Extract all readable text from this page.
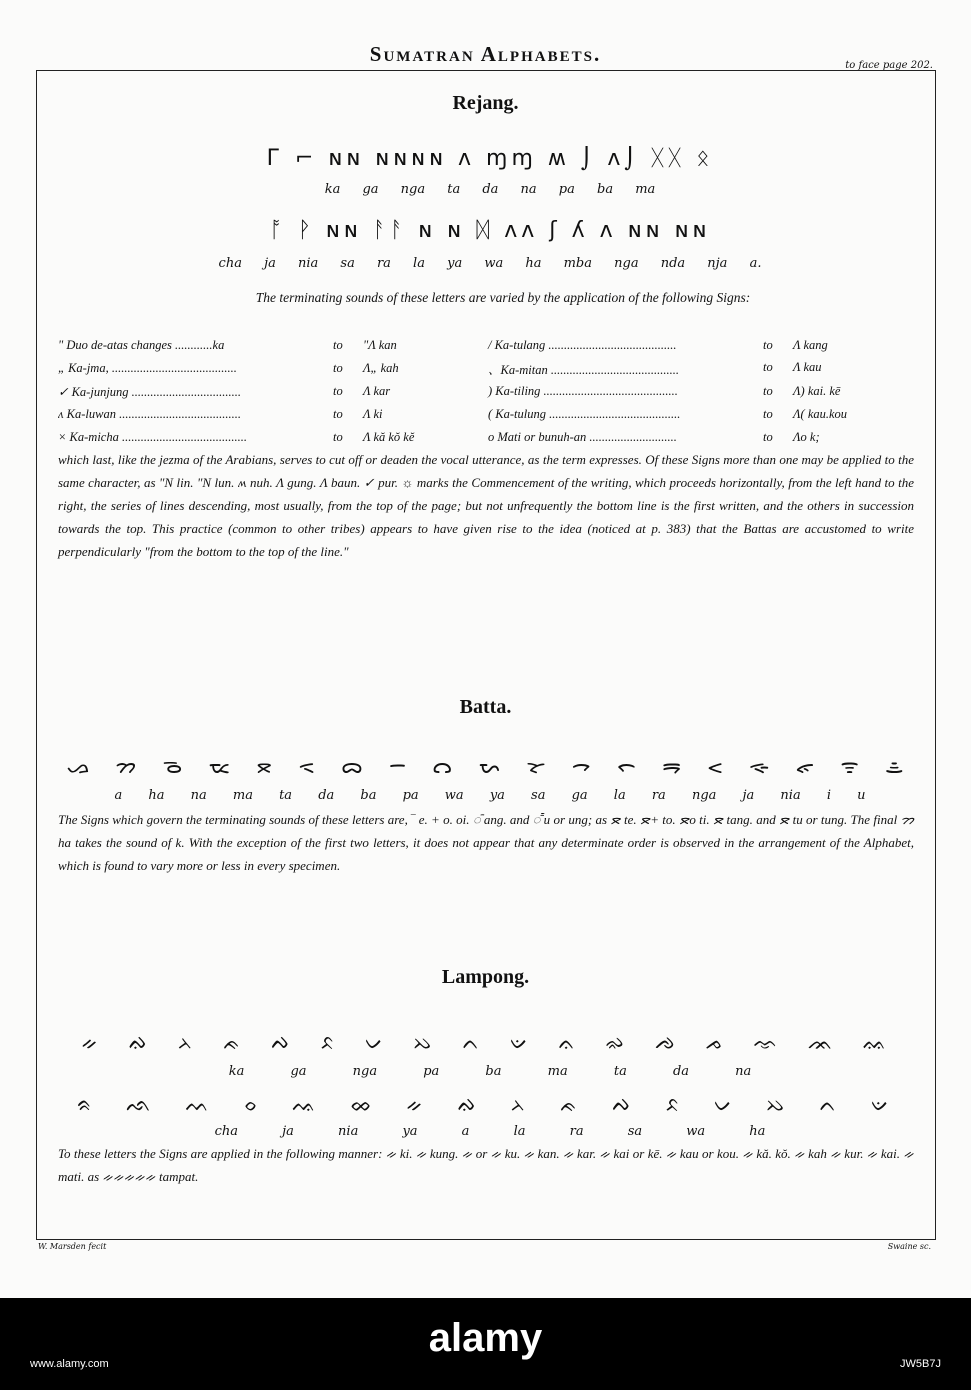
Sumatran Alphabets.	to face page 202.
Rejang.
Г ⌐ ɴɴ ɴɴɴɴ ʌ ɱɱ ʍ ⌡ ʌ⌡ ᚷᚷ ᛟ
ka ga nga ta da na pa ba ma
ᚩ ᚹ ɴɴ ᚨᚨ ɴ ɴ ᛞ ʌʌ ʃ ʎ ʌ ɴɴ ɴɴ
cha ja nia sa ra la ya wa ha mba nga nda nja a.
The terminating sounds of these letters are varied by the application of the following Signs:
" Duo de-atas changes ............ka	to	"Λ kan	/ Ka-tulang .........................................	to	Λ kang
„ Ka-jma, ........................................	to	Λ„ kah	、Ka-mitan .........................................	to	Λ kau
✓ Ka-junjung ...................................	to	Λ kar	) Ka-tiling ...........................................	to	Λ) kai. kē
ʌ Ka-luwan .......................................	to	Λ ki	( Ka-tulung ..........................................	to	Λ( kau.kou
× Ka-micha ........................................	to	Λ kă kŏ kĕ	o Mati or bunuh-an ............................	to	Λo k;
which last, like the jezma of the Arabians, serves to cut off or deaden the vocal utterance, as the term expresses. Of these Signs more than one may be applied to the same character, as "N lin. "N lun. ʍ nuh. Λ gung. Λ baun. ✓ pur. ☼ marks the Commencement of the writing, which proceeds horizontally, from the left hand to the right, the series of lines descending, most usually, from the top of the page; but not unfrequently the bottom line is the first written, and the others in succession towards the top. This practice (common to other tribes) appears to have given rise to the idea (noticed at p. 383) that the Battas are accustomed to write perpendicularly "from the bottom to the top of the line."
Batta.
ᯀ ᯂ ᯉ ᯔ ᯖ ᯑ ᯅ ᯇ ᯋ ᯛ ᯘ ᯎ ᯞ ᯒ ᯝ ᯐ ᯠ ᯤ ᯥ
a ha na ma ta da ba pa wa ya sa ga la ra nga ja nia i u
The Signs which govern the terminating sounds of these letters are, ‾ e. + o. oi. ᯰ ang. and ᯱ u or ung; as ᯖ te. ᯖ+ to. ᯖo ti. ᯖ tang. and ᯖ tu or tung. The final ᯂ ha takes the sound of k. With the exception of the first two letters, it does not appear that any determinate order is observed in the arrangement of the Alphabet, which is found to vary more or less in every specimen.
Lampong.
ᨀ ᨁ ᨂ ᨃ ᨄ ᨅ ᨆ ᨇ ᨈ ᨉ ᨊ ᨋ ᨌ ᨍ ᨎ ᨏ ᨐ
ka ga nga pa ba ma ta da na
ᨑ ᨒ ᨓ ᨔ ᨕ ᨖ ᨀ ᨁ ᨂ ᨃ ᨄ ᨅ ᨆ ᨇ ᨈ ᨉ
cha ja nia ya a la ra sa wa ha
To these letters the Signs are applied in the following manner: ᨀ ki. ᨀ kung. ᨀ or ᨀ ku. ᨀ kan. ᨀ kar. ᨀ kai or kē. ᨀ kau or kou. ᨀ kă. kŏ. ᨀ kah ᨀ kur. ᨀ kai. ᨀ mati. as ᨀᨀᨀᨀᨀ tampat.
W. Marsden fecit	Swaine sc.
alamy
www.alamy.com	JW5B7J
